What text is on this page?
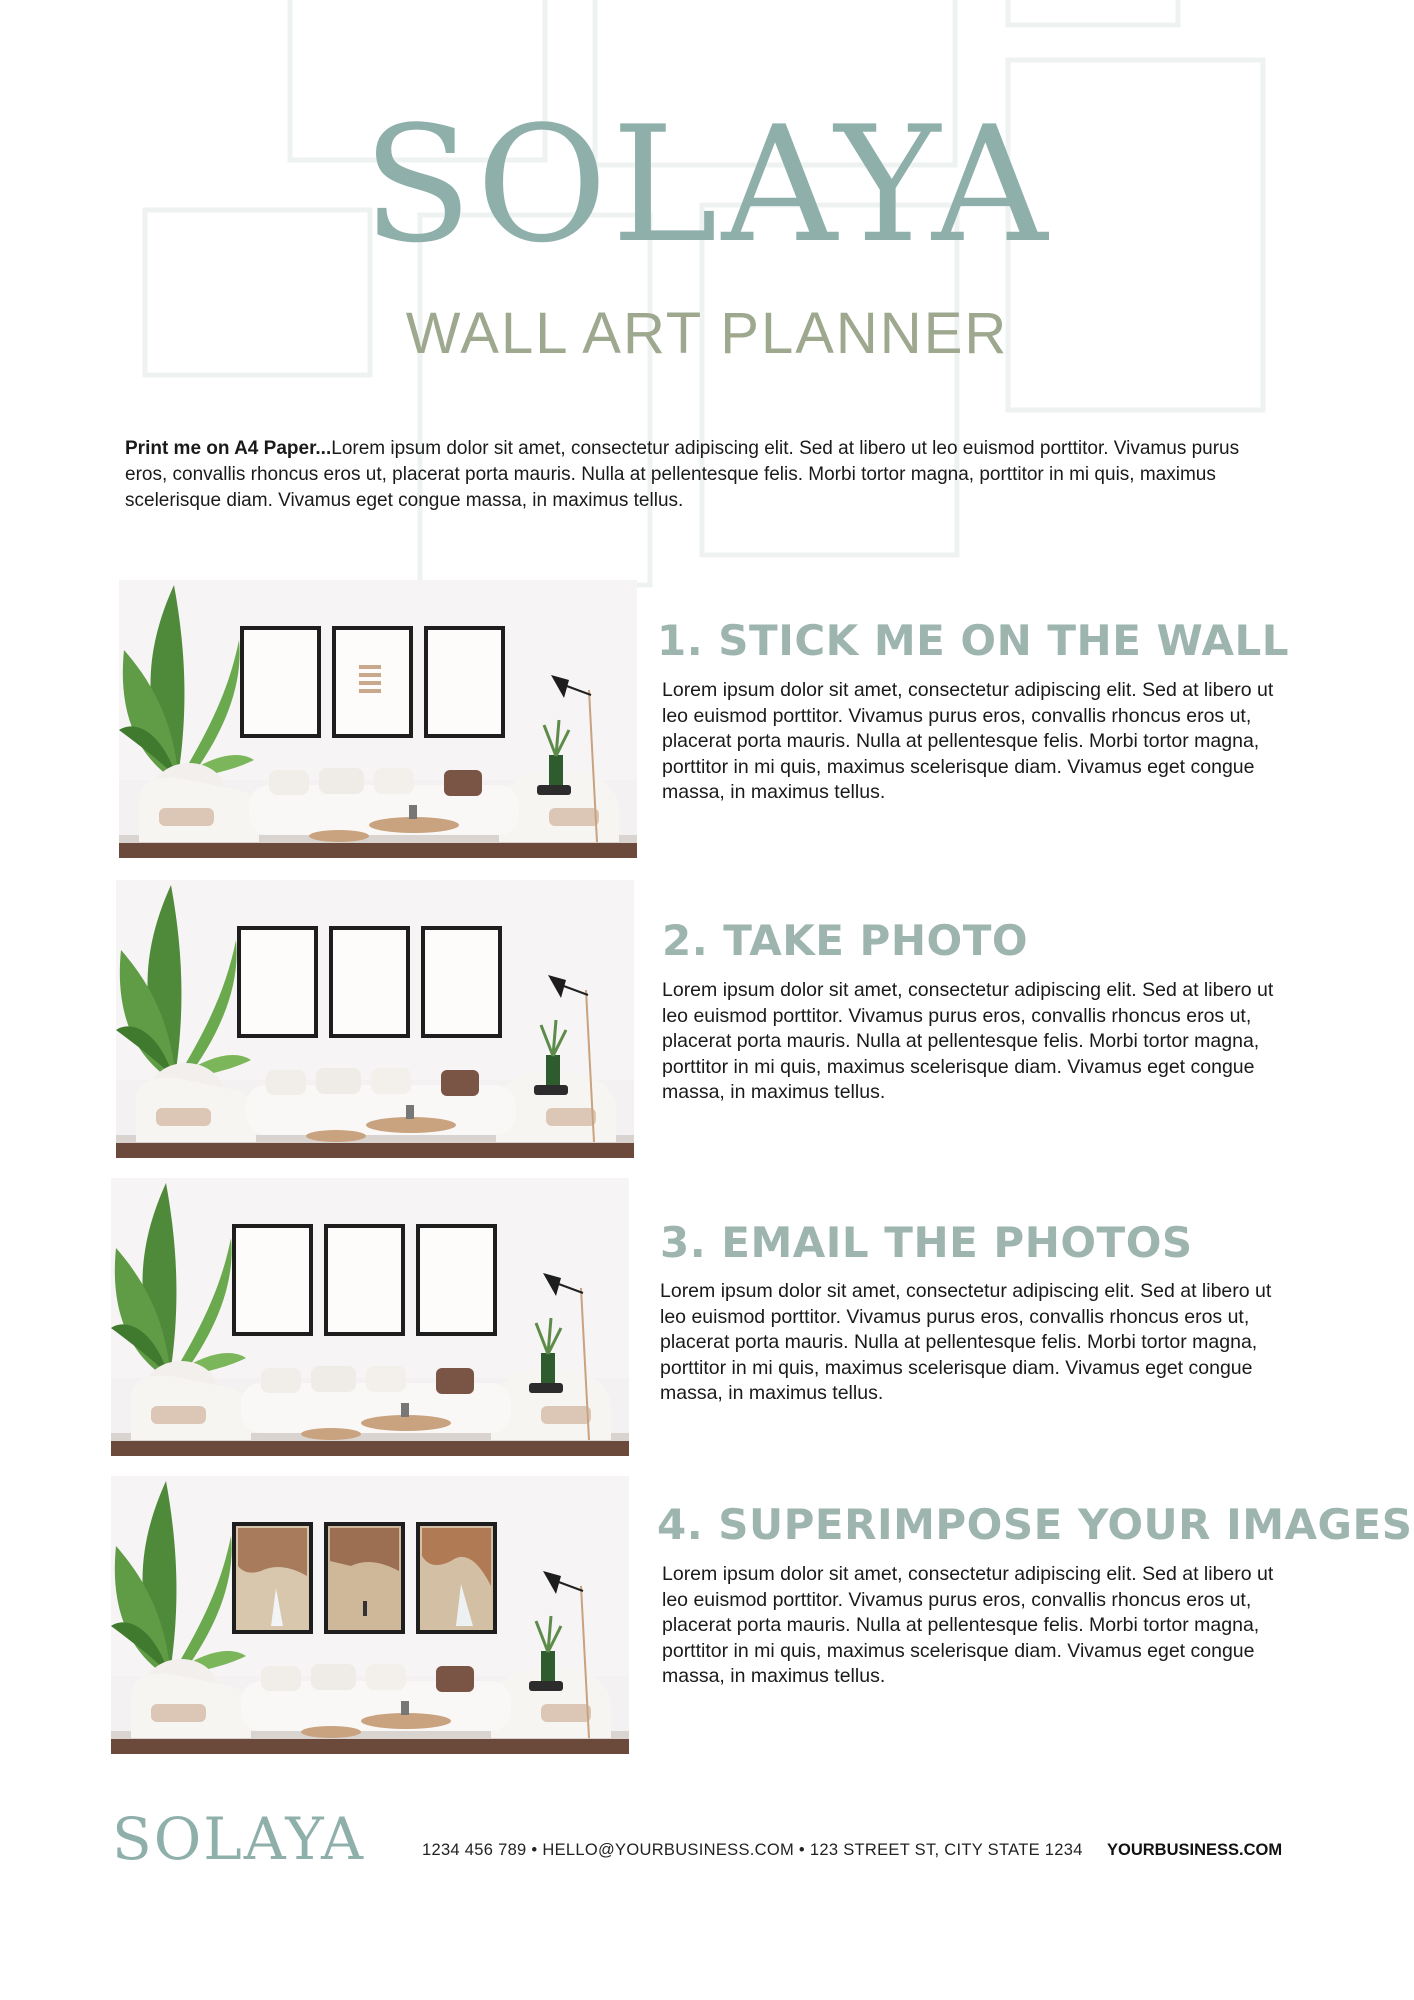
SOLAYA
WALL ART PLANNER
Print me on A4 Paper...Lorem ipsum dolor sit amet, consectetur adipiscing elit. Sed at libero ut leo euismod porttitor. Vivamus purus eros, convallis rhoncus eros ut, placerat porta mauris. Nulla at pellentesque felis. Morbi tortor magna, porttitor in mi quis, maximus scelerisque diam. Vivamus eget congue massa, in maximus tellus.
1. STICK ME ON THE WALL
Lorem ipsum dolor sit amet, consectetur adipiscing elit. Sed at libero ut leo euismod porttitor. Vivamus purus eros, convallis rhoncus eros ut, placerat porta mauris. Nulla at pellentesque felis. Morbi tortor magna, porttitor in mi quis, maximus scelerisque diam. Vivamus eget congue massa, in maximus tellus.
2. TAKE PHOTO
Lorem ipsum dolor sit amet, consectetur adipiscing elit. Sed at libero ut leo euismod porttitor. Vivamus purus eros, convallis rhoncus eros ut, placerat porta mauris. Nulla at pellentesque felis. Morbi tortor magna, porttitor in mi quis, maximus scelerisque diam. Vivamus eget congue massa, in maximus tellus.
3. EMAIL THE PHOTOS
Lorem ipsum dolor sit amet, consectetur adipiscing elit. Sed at libero ut leo euismod porttitor. Vivamus purus eros, convallis rhoncus eros ut, placerat porta mauris. Nulla at pellentesque felis. Morbi tortor magna, porttitor in mi quis, maximus scelerisque diam. Vivamus eget congue massa, in maximus tellus.
4. SUPERIMPOSE YOUR IMAGES
Lorem ipsum dolor sit amet, consectetur adipiscing elit. Sed at libero ut leo euismod porttitor. Vivamus purus eros, convallis rhoncus eros ut, placerat porta mauris. Nulla at pellentesque felis. Morbi tortor magna, porttitor in mi quis, maximus scelerisque diam. Vivamus eget congue massa, in maximus tellus.
SOLAYA	1234 456 789 • HELLO@YOURBUSINESS.COM • 123 STREET ST, CITY STATE 1234 YOURBUSINESS.COM
